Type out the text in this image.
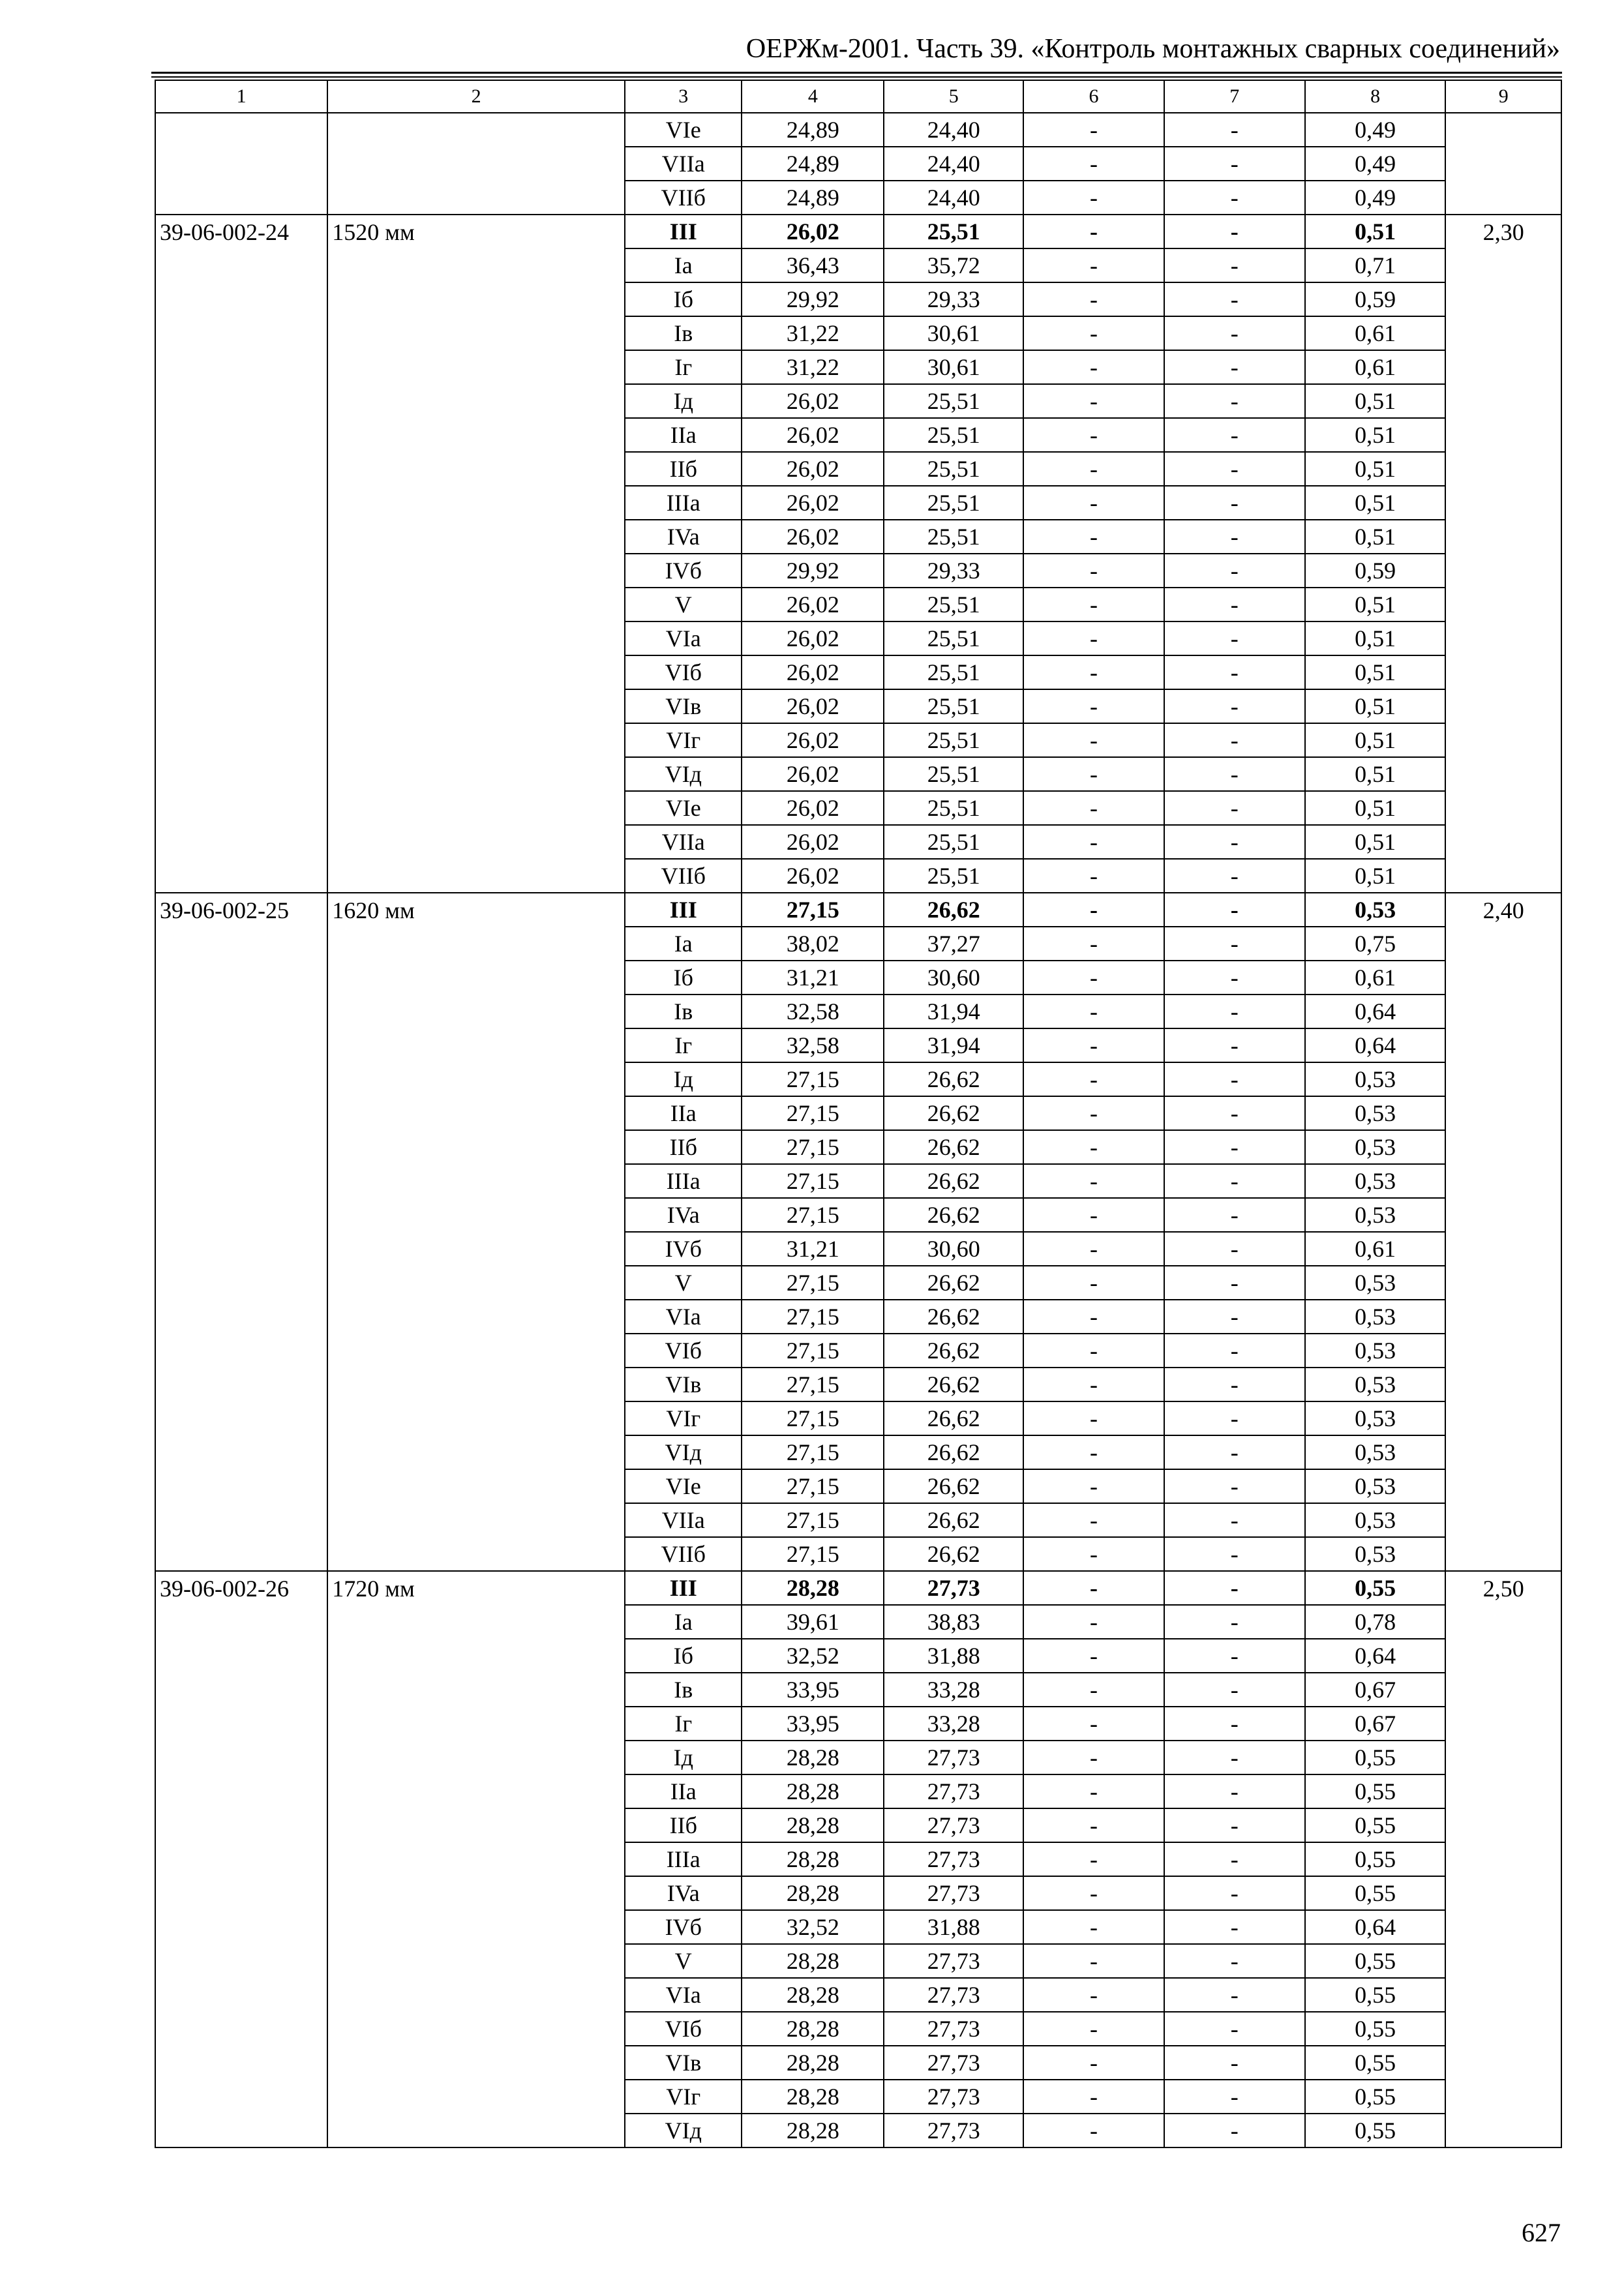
ОЕРЖм-2001. Часть 39. «Контроль монтажных сварных соединений»
1	2	3	4	5	6	7	8	9
		VIe	24,89	24,40	-	-	0,49	
		VIIa	24,89	24,40	-	-	0,49	
		VIIб	24,89	24,40	-	-	0,49	
39-06-002-24	1520 мм	III	26,02	25,51	-	-	0,51	2,30
		Ia	36,43	35,72	-	-	0,71	
		Iб	29,92	29,33	-	-	0,59	
		Iв	31,22	30,61	-	-	0,61	
		Iг	31,22	30,61	-	-	0,61	
		Iд	26,02	25,51	-	-	0,51	
		IIa	26,02	25,51	-	-	0,51	
		IIб	26,02	25,51	-	-	0,51	
		IIIa	26,02	25,51	-	-	0,51	
		IVa	26,02	25,51	-	-	0,51	
		IVб	29,92	29,33	-	-	0,59	
		V	26,02	25,51	-	-	0,51	
		VIa	26,02	25,51	-	-	0,51	
		VIб	26,02	25,51	-	-	0,51	
		VIв	26,02	25,51	-	-	0,51	
		VIг	26,02	25,51	-	-	0,51	
		VIд	26,02	25,51	-	-	0,51	
		VIe	26,02	25,51	-	-	0,51	
		VIIa	26,02	25,51	-	-	0,51	
		VIIб	26,02	25,51	-	-	0,51	
39-06-002-25	1620 мм	III	27,15	26,62	-	-	0,53	2,40
		Ia	38,02	37,27	-	-	0,75	
		Iб	31,21	30,60	-	-	0,61	
		Iв	32,58	31,94	-	-	0,64	
		Iг	32,58	31,94	-	-	0,64	
		Iд	27,15	26,62	-	-	0,53	
		IIa	27,15	26,62	-	-	0,53	
		IIб	27,15	26,62	-	-	0,53	
		IIIa	27,15	26,62	-	-	0,53	
		IVa	27,15	26,62	-	-	0,53	
		IVб	31,21	30,60	-	-	0,61	
		V	27,15	26,62	-	-	0,53	
		VIa	27,15	26,62	-	-	0,53	
		VIб	27,15	26,62	-	-	0,53	
		VIв	27,15	26,62	-	-	0,53	
		VIг	27,15	26,62	-	-	0,53	
		VIд	27,15	26,62	-	-	0,53	
		VIe	27,15	26,62	-	-	0,53	
		VIIa	27,15	26,62	-	-	0,53	
		VIIб	27,15	26,62	-	-	0,53	
39-06-002-26	1720 мм	III	28,28	27,73	-	-	0,55	2,50
		Ia	39,61	38,83	-	-	0,78	
		Iб	32,52	31,88	-	-	0,64	
		Iв	33,95	33,28	-	-	0,67	
		Iг	33,95	33,28	-	-	0,67	
		Iд	28,28	27,73	-	-	0,55	
		IIa	28,28	27,73	-	-	0,55	
		IIб	28,28	27,73	-	-	0,55	
		IIIa	28,28	27,73	-	-	0,55	
		IVa	28,28	27,73	-	-	0,55	
		IVб	32,52	31,88	-	-	0,64	
		V	28,28	27,73	-	-	0,55	
		VIa	28,28	27,73	-	-	0,55	
		VIб	28,28	27,73	-	-	0,55	
		VIв	28,28	27,73	-	-	0,55	
		VIг	28,28	27,73	-	-	0,55	
		VIд	28,28	27,73	-	-	0,55	
627
